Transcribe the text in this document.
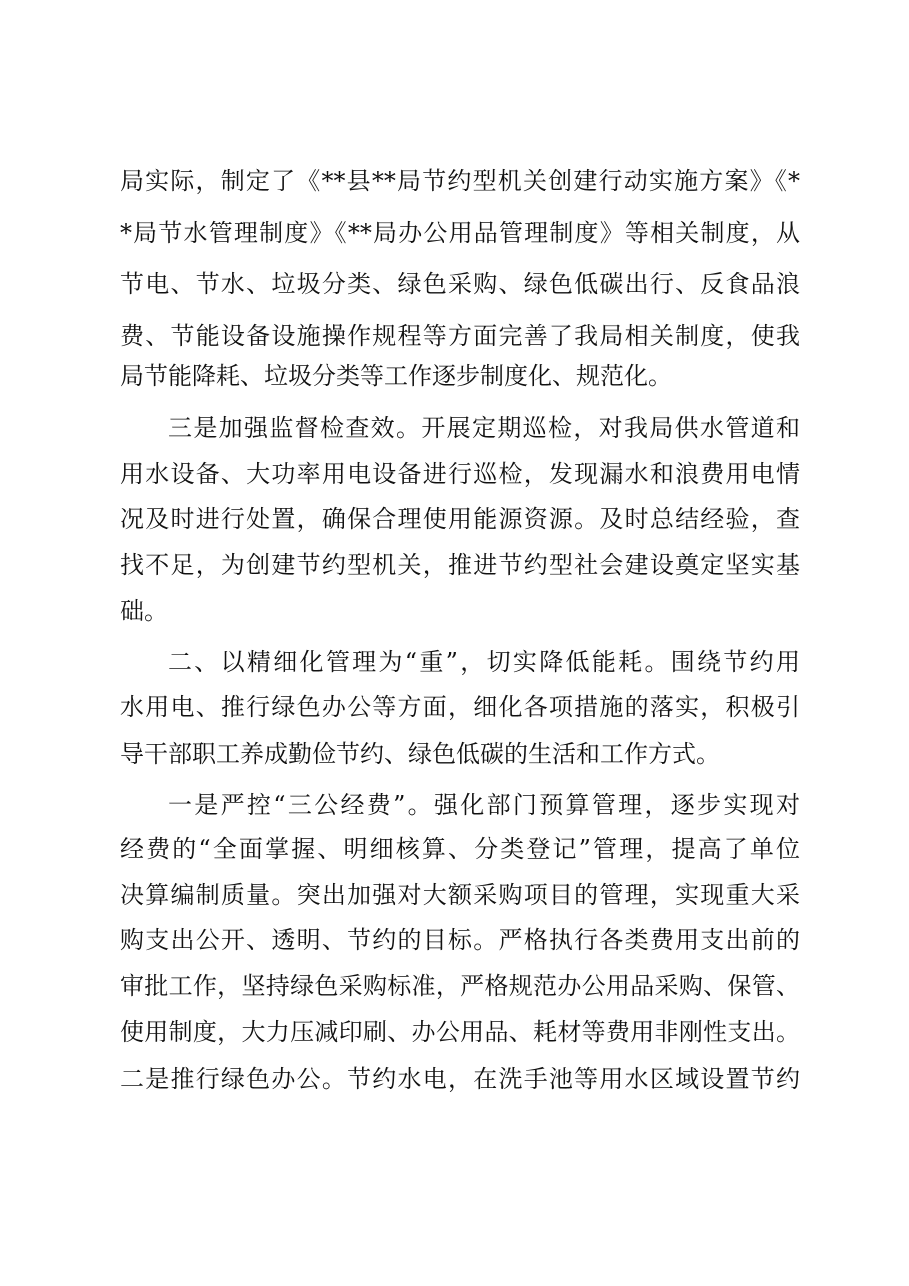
局实际，制定了《**县**局节约型机关创建行动实施方案》《*
*局节水管理制度》《**局办公用品管理制度》等相关制度，从
节电、节水、垃圾分类、绿色采购、绿色低碳出行、反食品浪
费、节能设备设施操作规程等方面完善了我局相关制度，使我
局节能降耗、垃圾分类等工作逐步制度化、规范化。
三是加强监督检查效。开展定期巡检，对我局供水管道和
用水设备、大功率用电设备进行巡检，发现漏水和浪费用电情
况及时进行处置，确保合理使用能源资源。及时总结经验，查
找不足，为创建节约型机关，推进节约型社会建设奠定坚实基
础。
二、以精细化管理为“重”，切实降低能耗。围绕节约用
水用电、推行绿色办公等方面，细化各项措施的落实，积极引
导干部职工养成勤俭节约、绿色低碳的生活和工作方式。
一是严控“三公经费”。强化部门预算管理，逐步实现对
经费的“全面掌握、明细核算、分类登记”管理，提高了单位
决算编制质量。突出加强对大额采购项目的管理，实现重大采
购支出公开、透明、节约的目标。严格执行各类费用支出前的
审批工作，坚持绿色采购标准，严格规范办公用品采购、保管、
使用制度，大力压减印刷、办公用品、耗材等费用非刚性支出。
二是推行绿色办公。节约水电，在洗手池等用水区域设置节约
